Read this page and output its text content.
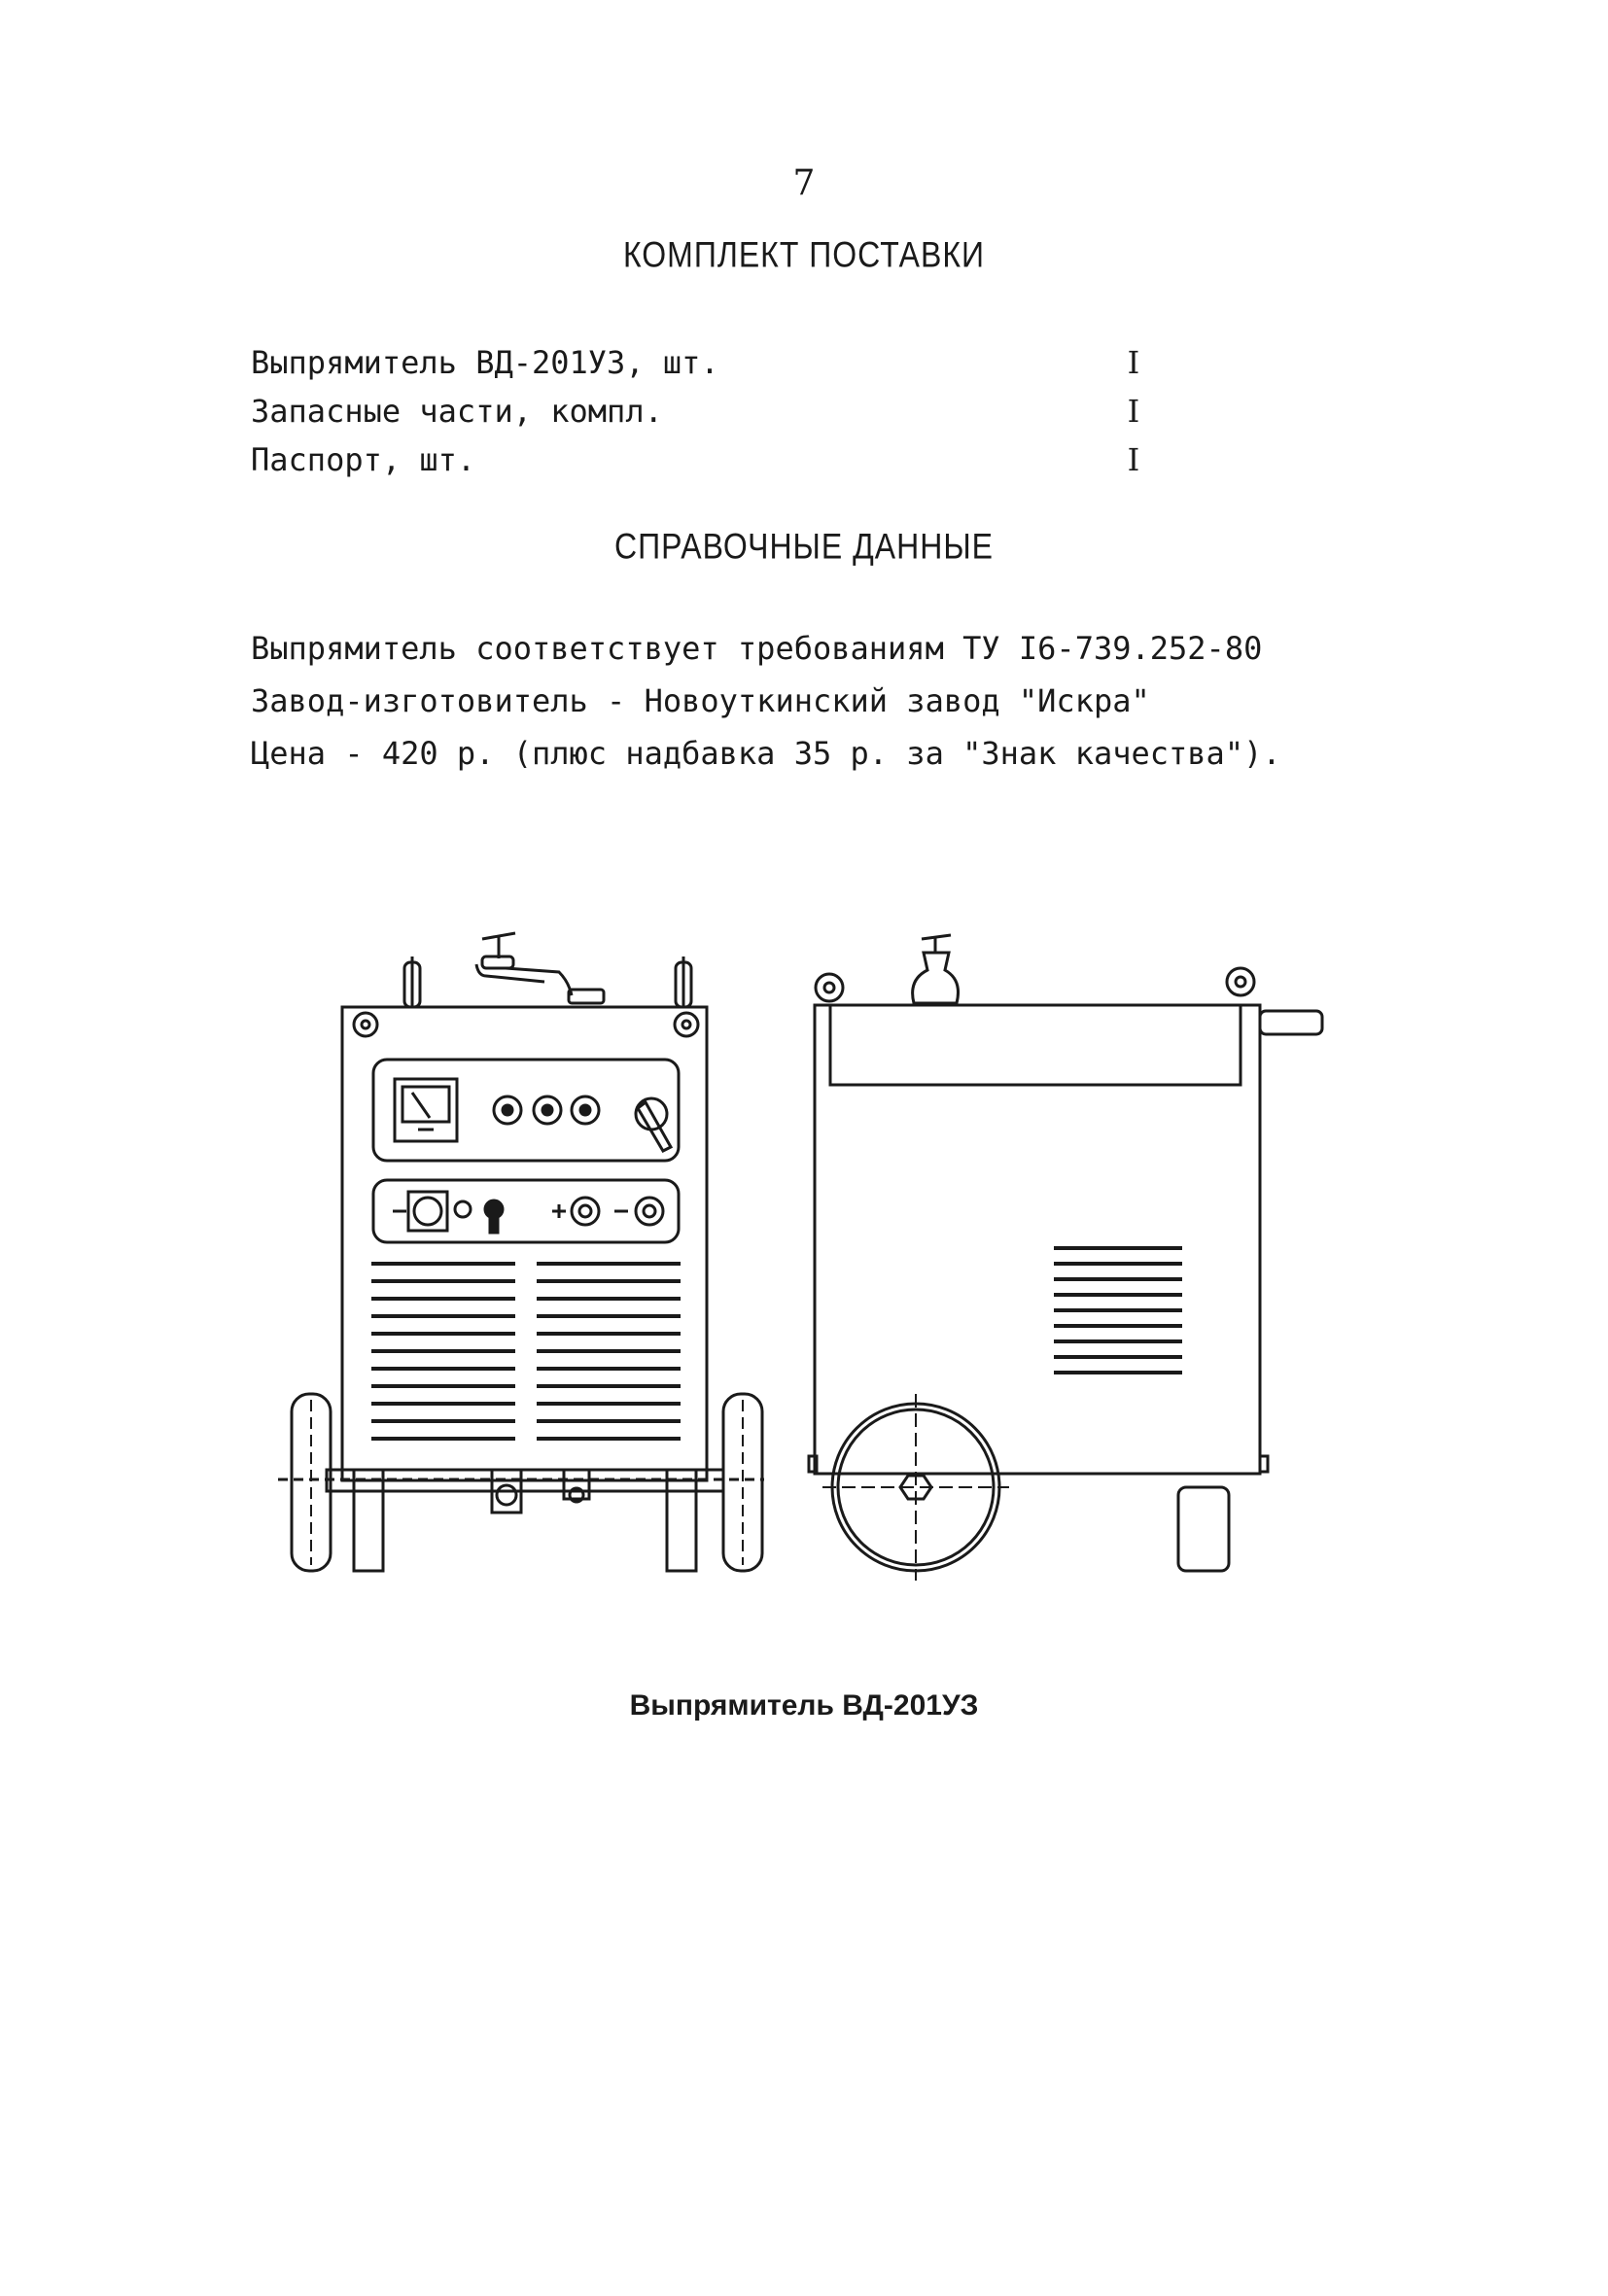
7
КОМПЛЕКТ ПОСТАВКИ
Выпрямитель ВД-201УЗ, шт.	I
Запасные части, компл.	I
Паспорт, шт.	I
СПРАВОЧНЫЕ ДАННЫЕ
Выпрямитель соответствует требованиям ТУ I6-739.252-80
Завод-изготовитель - Новоуткинский завод "Искра"
Цена - 420 р. (плюс надбавка 35 р. за "Знак качества").
Выпрямитель ВД-201УЗ
